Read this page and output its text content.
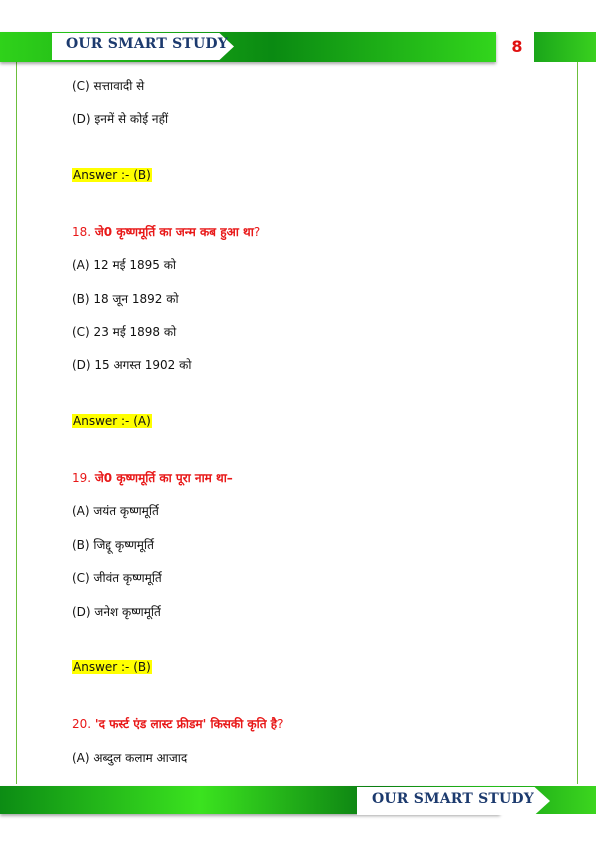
OUR SMART STUDY	8
(C) सत्तावादी से
(D) इनमें से कोई नहीं
Answer :- (B)
18. जे0 कृष्णमूर्ति का जन्म कब हुआ था?
(A) 12 मई 1895 को
(B) 18 जून 1892 को
(C) 23 मई 1898 को
(D) 15 अगस्त 1902 को
Answer :- (A)
19. जे0 कृष्णमूर्ति का पूरा नाम था–
(A) जयंत कृष्णमूर्ति
(B) जिद्दू कृष्णमूर्ति
(C) जीवंत कृष्णमूर्ति
(D) जनेश कृष्णमूर्ति
Answer :- (B)
20. 'द फर्स्ट एंड लास्ट फ्रीडम' किसकी कृति है?
(A) अब्दुल कलाम आजाद
OUR SMART STUDY
